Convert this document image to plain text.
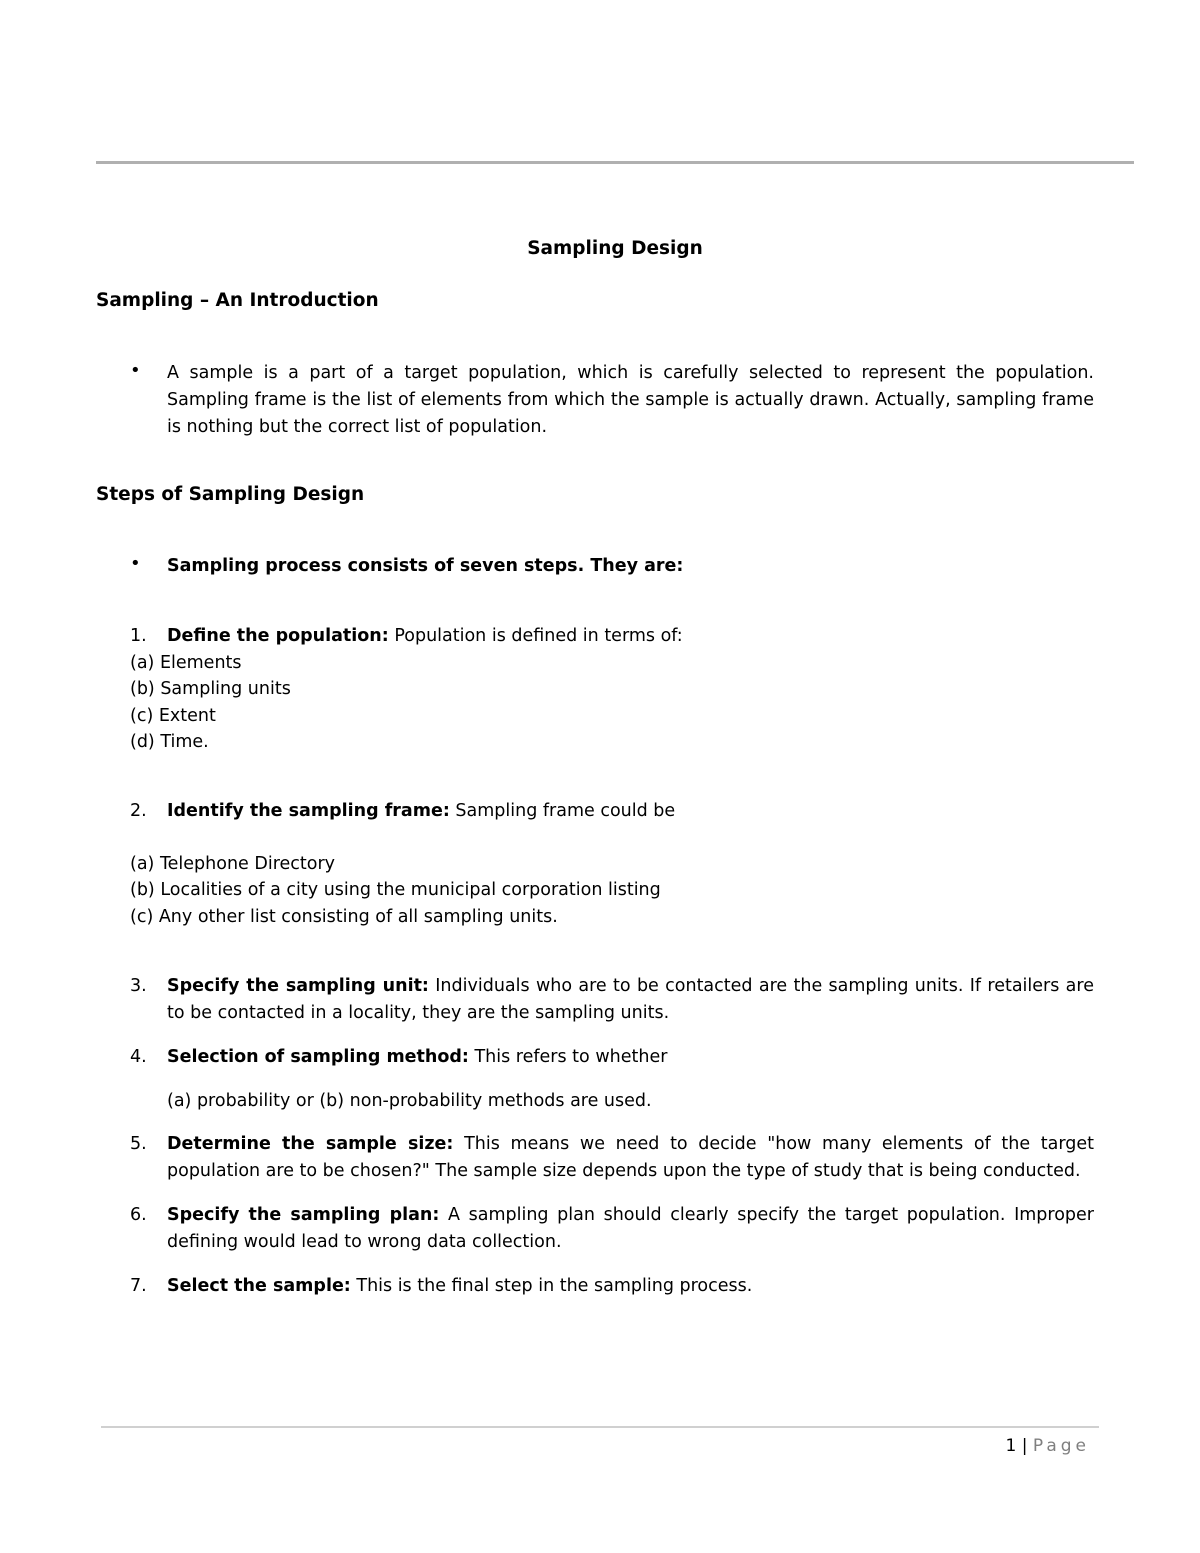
Sampling Design
Sampling – An Introduction
• A sample is a part of a target population, which is carefully selected to represent the population. Sampling frame is the list of elements from which the sample is actually drawn. Actually, sampling frame is nothing but the correct list of population.
Steps of Sampling Design
• Sampling process consists of seven steps. They are:
1. Define the population: Population is defined in terms of:
(a) Elements
(b) Sampling units
(c) Extent
(d) Time.
2. Identify the sampling frame: Sampling frame could be
(a) Telephone Directory
(b) Localities of a city using the municipal corporation listing
(c) Any other list consisting of all sampling units.
3. Specify the sampling unit: Individuals who are to be contacted are the sampling units. If retailers are to be contacted in a locality, they are the sampling units.
4. Selection of sampling method: This refers to whether
(a) probability or (b) non-probability methods are used.
5. Determine the sample size: This means we need to decide "how many elements of the target population are to be chosen?" The sample size depends upon the type of study that is being conducted.
6. Specify the sampling plan: A sampling plan should clearly specify the target population. Improper defining would lead to wrong data collection.
7. Select the sample: This is the final step in the sampling process.
1 | Page
